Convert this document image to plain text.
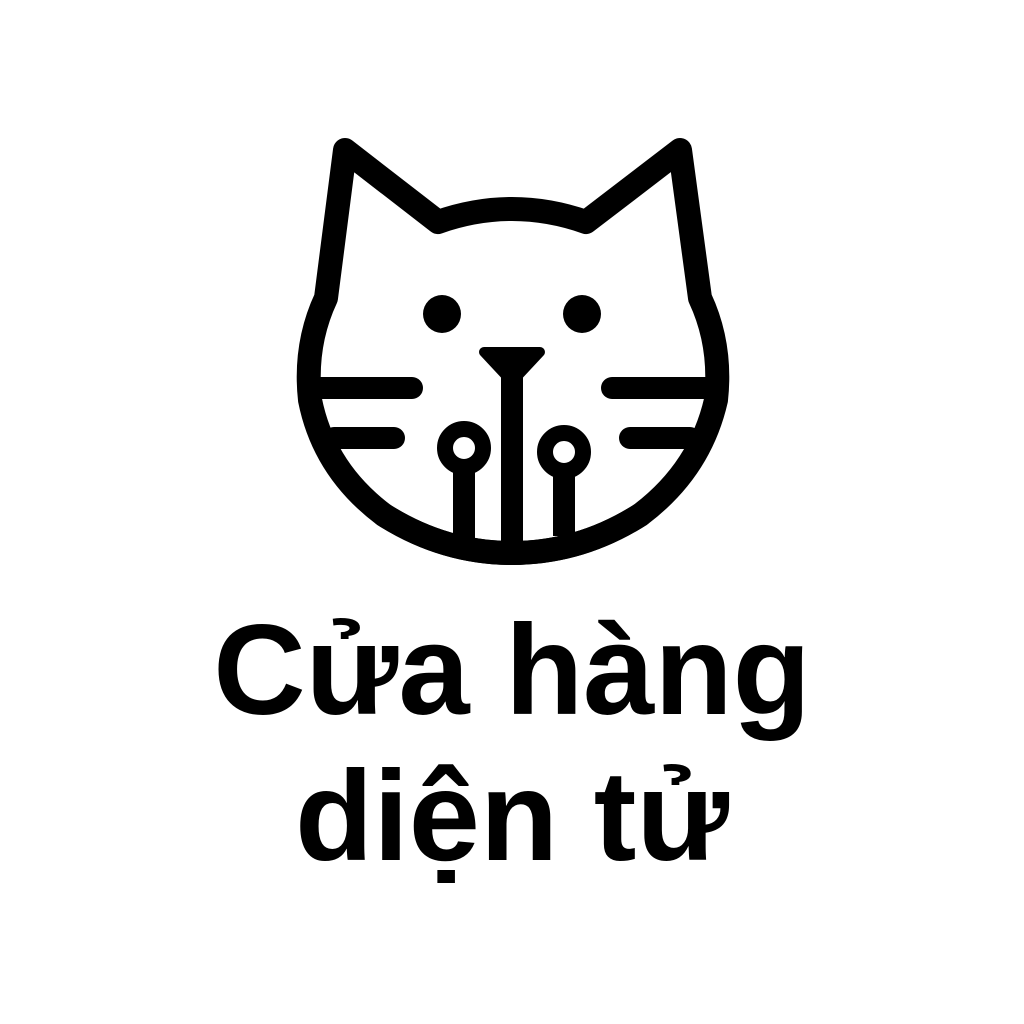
Cửa hàng
diện tử
